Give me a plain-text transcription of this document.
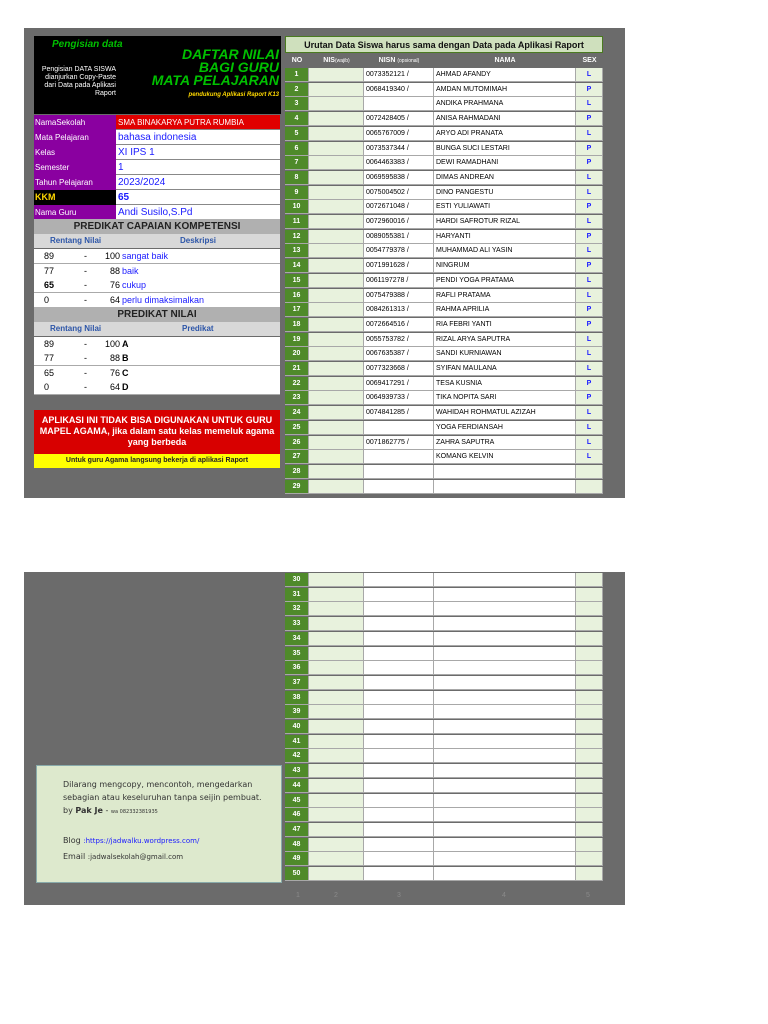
Pengisian data
Pengisian DATA SISWA dianjurkan Copy-Paste dari Data pada Aplikasi Raport
DAFTAR NILAI
BAGI GURU
MATA PELAJARAN
pendukung Aplikasi Raport K13
NamaSekolah	SMA BINAKARYA PUTRA RUMBIA
Mata Pelajaran	bahasa indonesia
Kelas	XI IPS 1
Semester	1
Tahun Pelajaran	2023/2024
KKM	65
Nama Guru	Andi Susilo,S.Pd
PREDIKAT CAPAIAN KOMPETENSI
Rentang Nilai	Deskripsi
89	-	100 sangat baik
77	-	88 baik
65	-	76 cukup
0	-	64 perlu dimaksimalkan
PREDIKAT NILAI
Rentang Nilai	Predikat
89	-	100 A
77	-	88 B
65	-	76 C
0	-	64 D
APLIKASI INI TIDAK BISA DIGUNAKAN UNTUK GURU MAPEL AGAMA, jika dalam satu kelas memeluk agama yang berbeda
Untuk guru Agama langsung bekerja di aplikasi Raport
Urutan Data Siswa harus sama dengan Data pada Aplikasi Raport
NO	NIS(wajib)	NISN (opsional)	NAMA	SEX
1	0073352121 /	AHMAD AFANDY	L
2	0068419340 /	AMDAN MUTOMIMAH	P
3	ANDIKA PRAHMANA	L
4	0072428405 /	ANISA RAHMADANI	P
5	0065767009 /	ARYO ADI PRANATA	L
6	0073537344 /	BUNGA SUCI LESTARI	P
7	0064463383 /	DEWI RAMADHANI	P
8	0069595838 /	DIMAS ANDREAN	L
9	0075004502 /	DINO PANGESTU	L
10	0072671048 /	ESTI YULIAWATI	P
11	0072960016 /	HARDI SAFROTUR RIZAL	L
12	0089055381 /	HARYANTI	P
13	0054779378 /	MUHAMMAD ALI YASIN	L
14	0071991628 /	NINGRUM	P
15	0061197278 /	PENDI YOGA PRATAMA	L
16	0075479388 /	RAFLI PRATAMA	L
17	0084261313 /	RAHMA APRILIA	P
18	0072664516 /	RIA FEBRI YANTI	P
19	0055753782 /	RIZAL ARYA SAPUTRA	L
20	0067635387 /	SANDI KURNIAWAN	L
21	0077323668 /	SYIFAN MAULANA	L
22	0069417291 /	TESA KUSNIA	P
23	0064939733 /	TIKA NOPITA SARI	P
24	0074841285 /	WAHIDAH ROHMATUL AZIZAH	L
25	YOGA FERDIANSAH	L
26	0071862775 /	ZAHRA SAPUTRA	L
27	KOMANG KELVIN	L
28
29
30
31
32
33
34
35
36
37
38
39
40
41
42
43
44
45
46
47
48
49
50
Dilarang mengcopy, mencontoh, mengedarkan sebagian atau keseluruhan tanpa seijin pembuat.
by Pak Je - wa 082332381935
Blog :https://jadwalku.wordpress.com/
Email :jadwalsekolah@gmail.com
1	2	3	4	5
